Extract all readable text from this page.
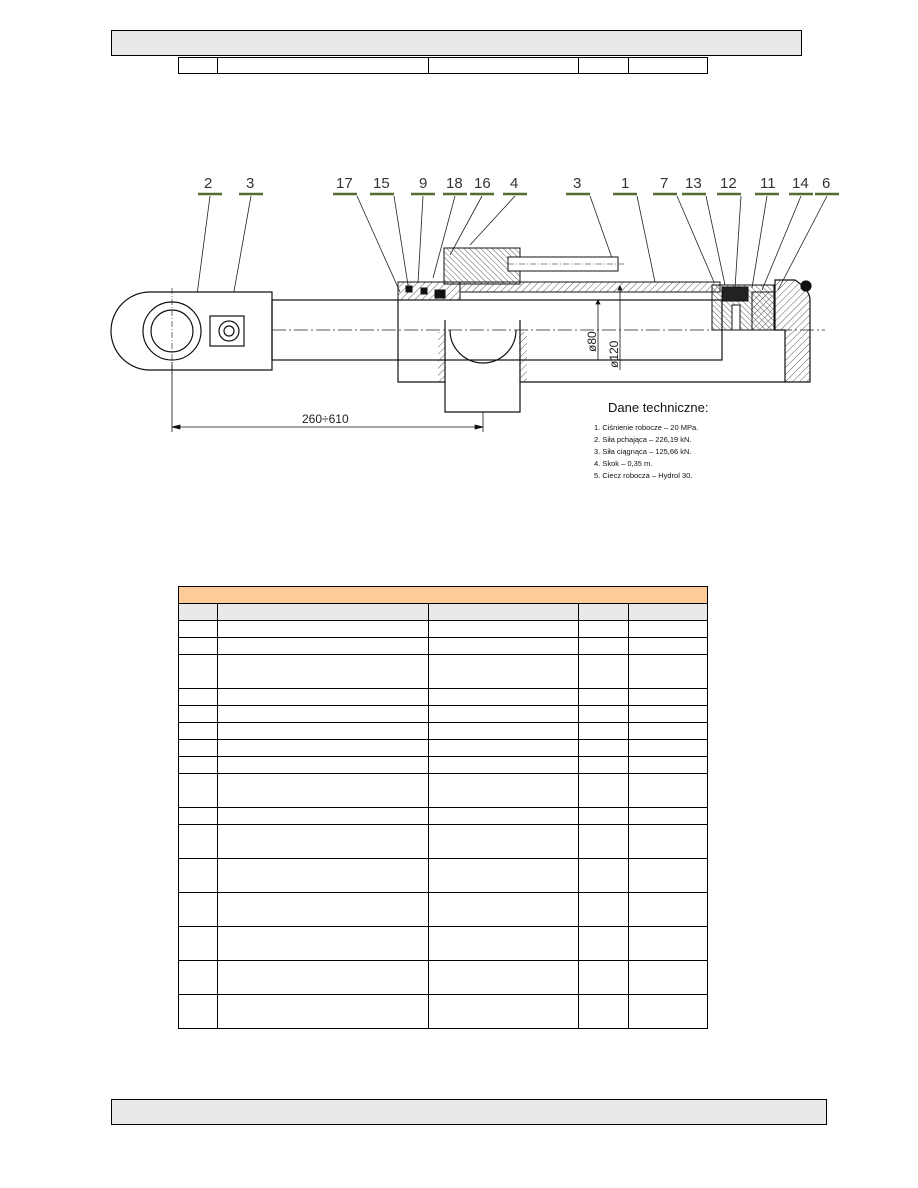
2 3	17 15 9 18 16 4	3	1 7 13 12 11 14 6
ø80 ø120
260÷610
Dane techniczne:
1. Ciśnienie robocze – 20 MPa.
2. Siła pchająca – 226,19 kN.
3. Siła ciągnąca – 125,66 kN.
4. Skok – 0,35 m.
5. Ciecz robocza – Hydrol 30.
